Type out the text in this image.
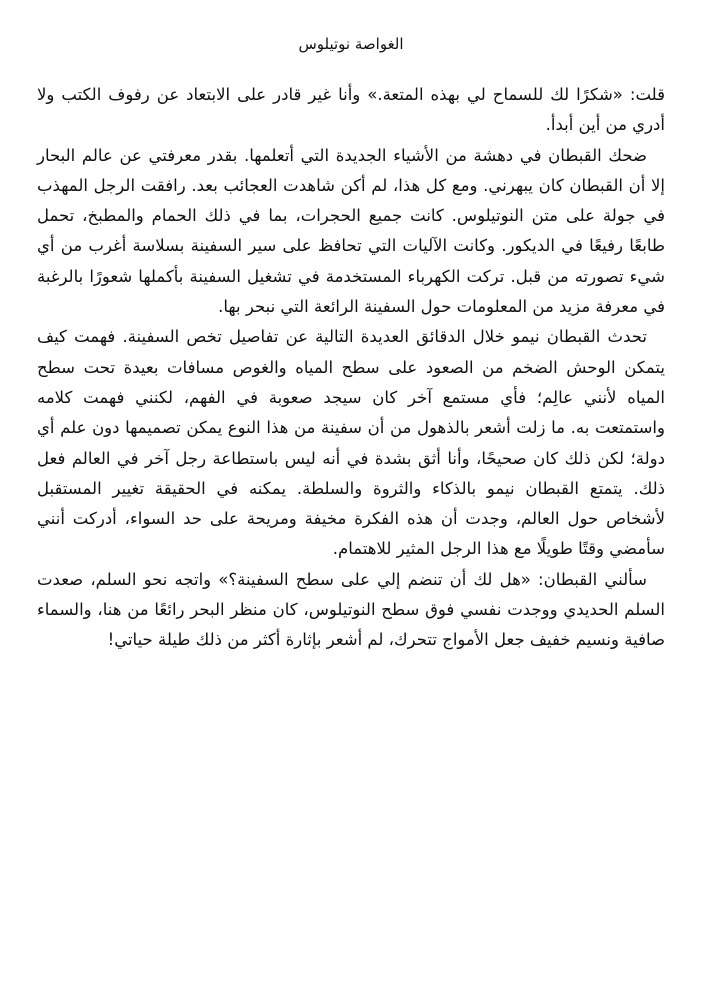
الغواصة نوتيلوس

قلت: «شكرًا لك للسماح لي بهذه المتعة.» وأنا غير قادر على الابتعاد عن رفوف الكتب ولا أدري من أين أبدأ.

ضحك القبطان في دهشة من الأشياء الجديدة التي أتعلمها. بقدر معرفتي عن عالم البحار إلا أن القبطان كان يبهرني. ومع كل هذا، لم أكن شاهدت العجائب بعد. رافقت الرجل المهذب في جولة على متن النوتيلوس. كانت جميع الحجرات، بما في ذلك الحمام والمطبخ، تحمل طابعًا رفيعًا في الديكور. وكانت الآليات التي تحافظ على سير السفينة بسلاسة أغرب من أي شيء تصورته من قبل. تركت الكهرباء المستخدمة في تشغيل السفينة بأكملها شعورًا بالرغبة في معرفة مزيد من المعلومات حول السفينة الرائعة التي نبحر بها.

تحدث القبطان نيمو خلال الدقائق العديدة التالية عن تفاصيل تخص السفينة. فهمت كيف يتمكن الوحش الضخم من الصعود على سطح المياه والغوص مسافات بعيدة تحت سطح المياه لأنني عالِم؛ فأي مستمع آخر كان سيجد صعوبة في الفهم، لكنني فهمت كلامه واستمتعت به. ما زلت أشعر بالذهول من أن سفينة من هذا النوع يمكن تصميمها دون علم أي دولة؛ لكن ذلك كان صحيحًا، وأنا أثق بشدة في أنه ليس باستطاعة رجل آخر في العالم فعل ذلك. يتمتع القبطان نيمو بالذكاء والثروة والسلطة. يمكنه في الحقيقة تغيير المستقبل لأشخاص حول العالم، وجدت أن هذه الفكرة مخيفة ومريحة على حد السواء، أدركت أنني سأمضي وقتًا طويلًا مع هذا الرجل المثير للاهتمام.

سألني القبطان: «هل لك أن تنضم إلي على سطح السفينة؟» واتجه نحو السلم، صعدت السلم الحديدي ووجدت نفسي فوق سطح النوتيلوس، كان منظر البحر رائعًا من هنا، والسماء صافية ونسيم خفيف جعل الأمواج تتحرك، لم أشعر بإثارة أكثر من ذلك طيلة حياتي!
